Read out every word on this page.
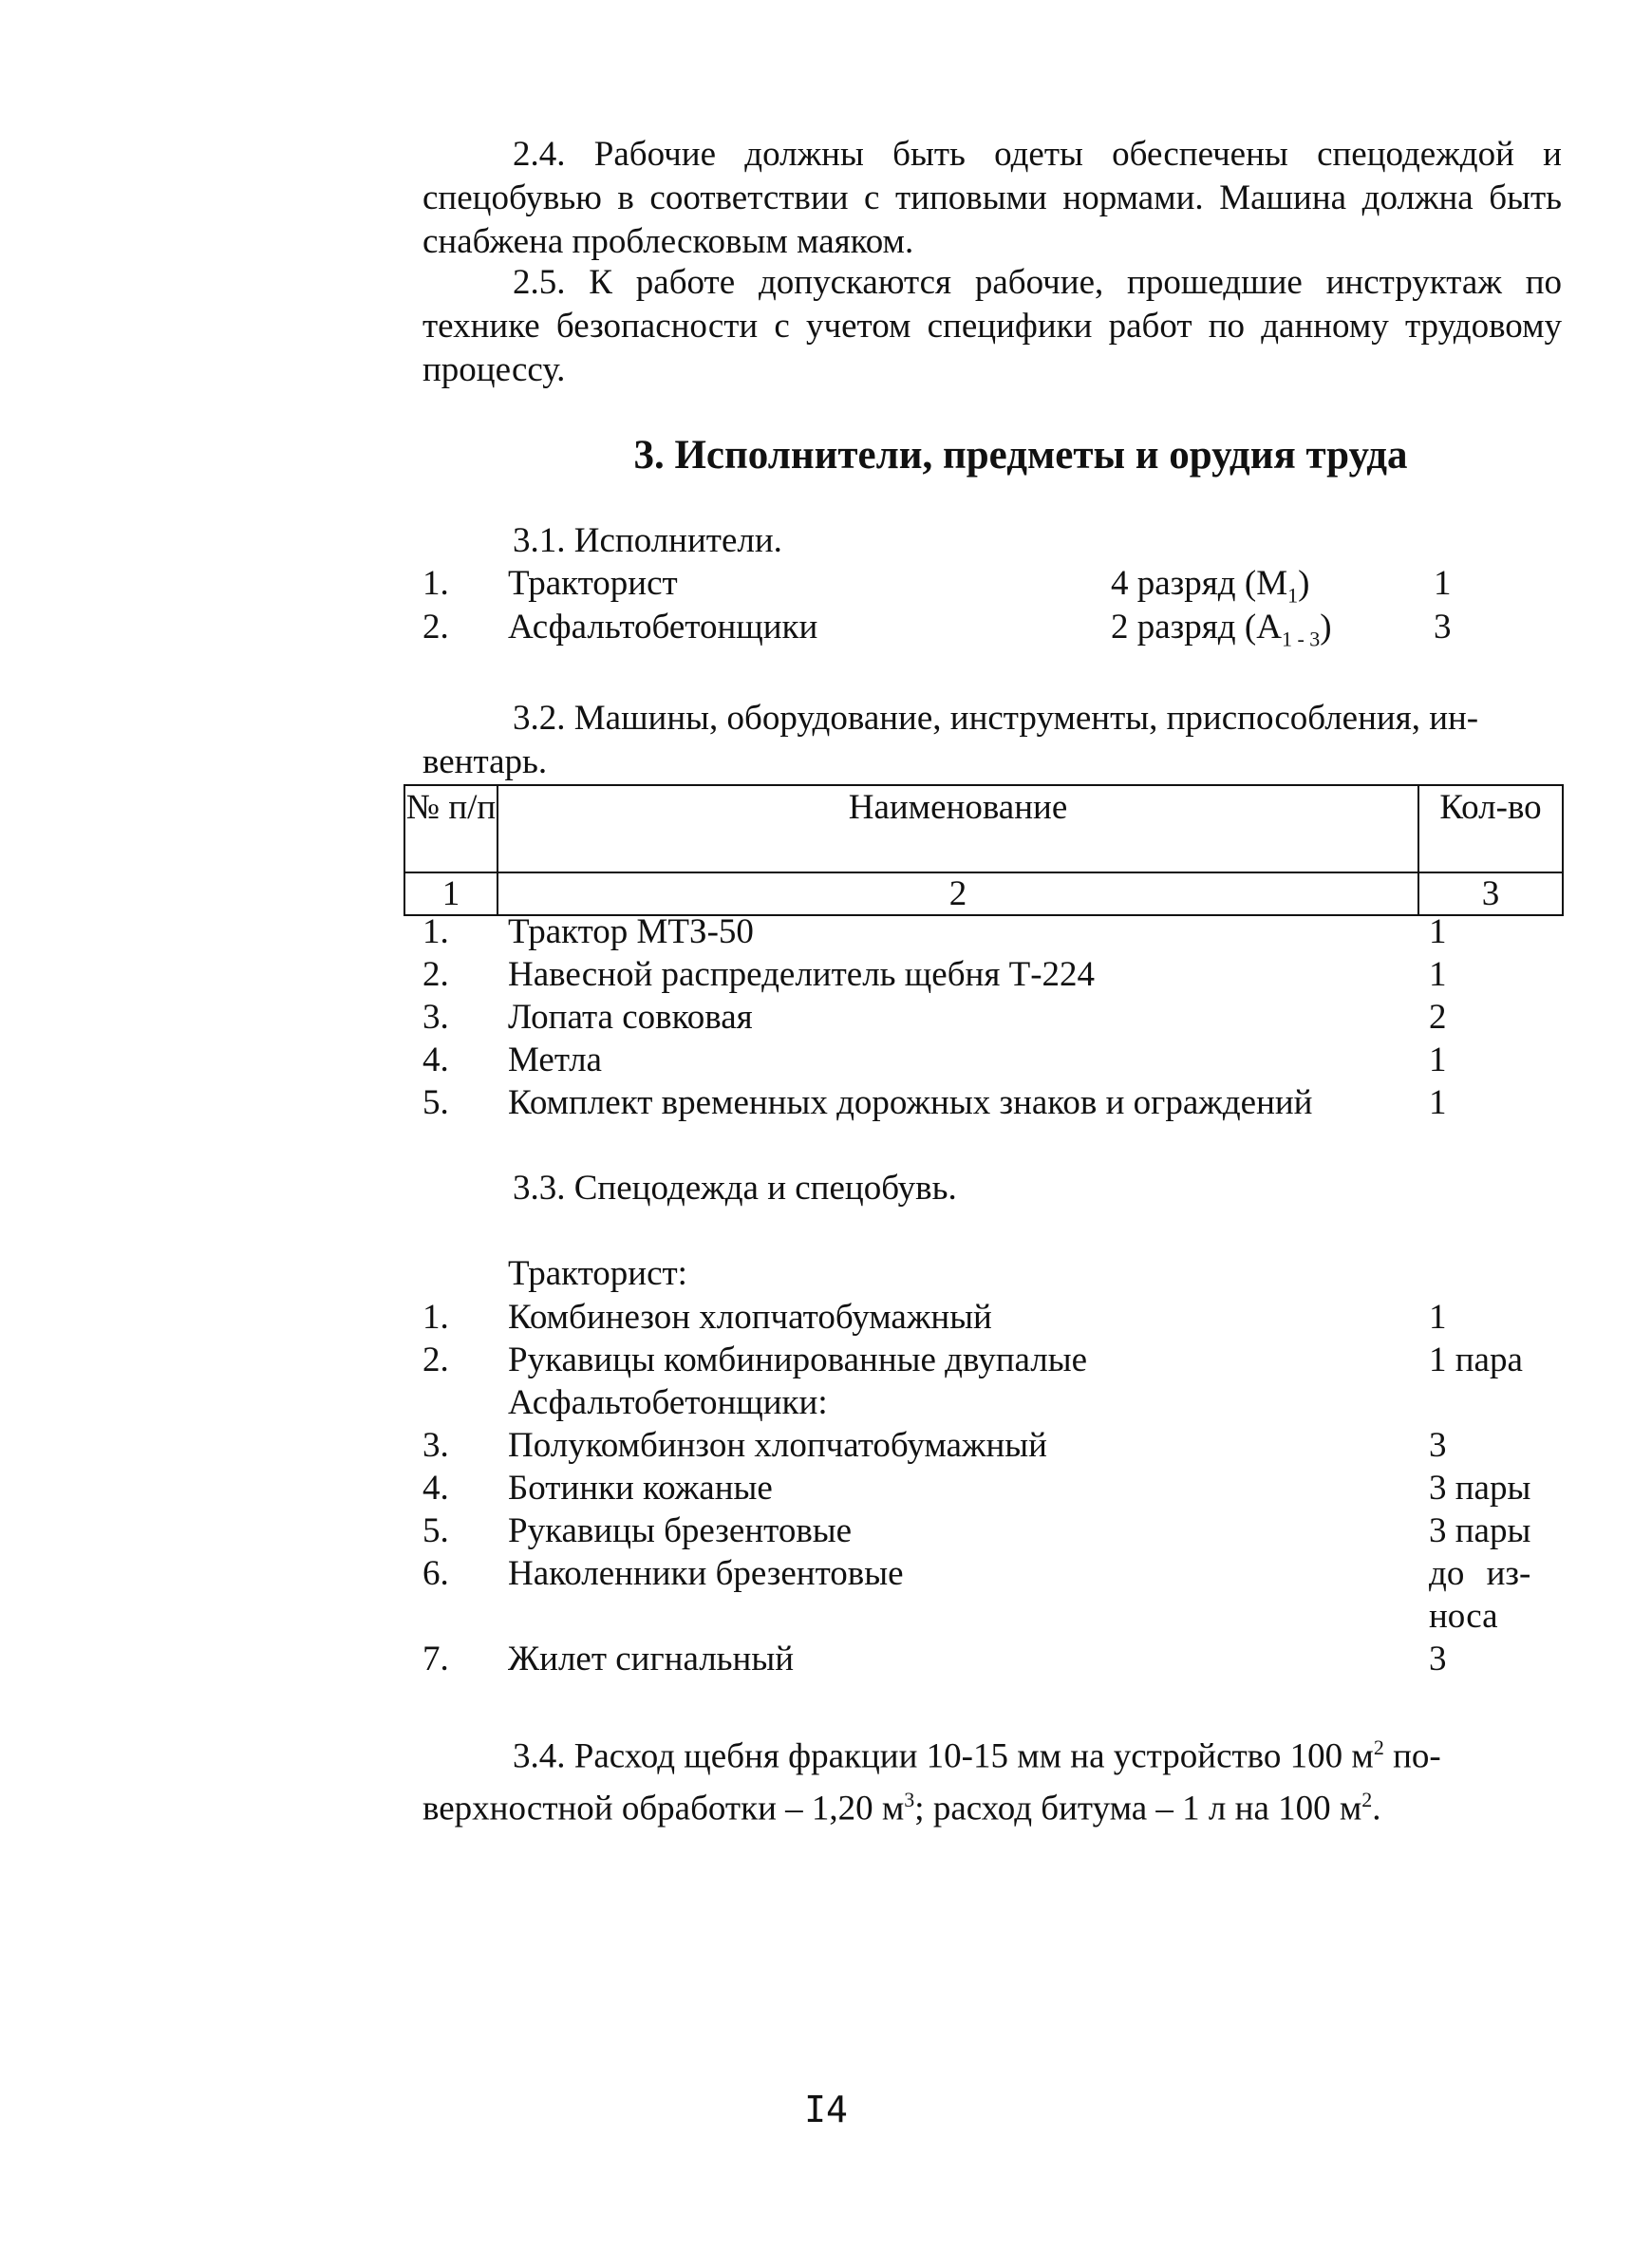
2.4. Рабочие должны быть одеты обеспечены спецодеждой и спецобувью в соответствии с типовыми нормами. Машина должна быть снабжена проблесковым маяком.
2.5. К работе допускаются рабочие, прошедшие инструктаж по технике безопасности с учетом специфики работ по данному трудовому процессу.
3. Исполнители, предметы и орудия труда
3.1. Исполнители.
1. Тракторист	4 разряд $(М_1)$	1
2. Асфальтобетонщики	2 разряд $(А_{1 - 3})$	3
3.2. Машины, оборудование, инструменты, приспособления, ин-
вентарь.
№ п/п	Наименование	Кол-во
1	2	3
1. Трактор МТЗ-50	1
2. Навесной распределитель щебня Т-224	1
3. Лопата совковая	2
4. Метла	1
5. Комплект временных дорожных знаков и ограждений	1
3.3. Спецодежда и спецобувь.
Тракторист:
1. Комбинезон хлопчатобумажный	1
2. Рукавицы комбинированные двупалые	1 пара
Асфальтобетонщики:
3. Полукомбинзон хлопчатобумажный	3
4. Ботинки кожаные	3 пары
5. Рукавицы брезентовые	3 пары
6. Наколенники брезентовые	до из-
носа
7. Жилет сигнальный	3
3.4. Расход щебня фракции 10-15 мм на устройство 100 $м^2$ по-
верхностной обработки – 1,20 $м^3$; расход битума – 1 л на 100 $м^2$.
I4
